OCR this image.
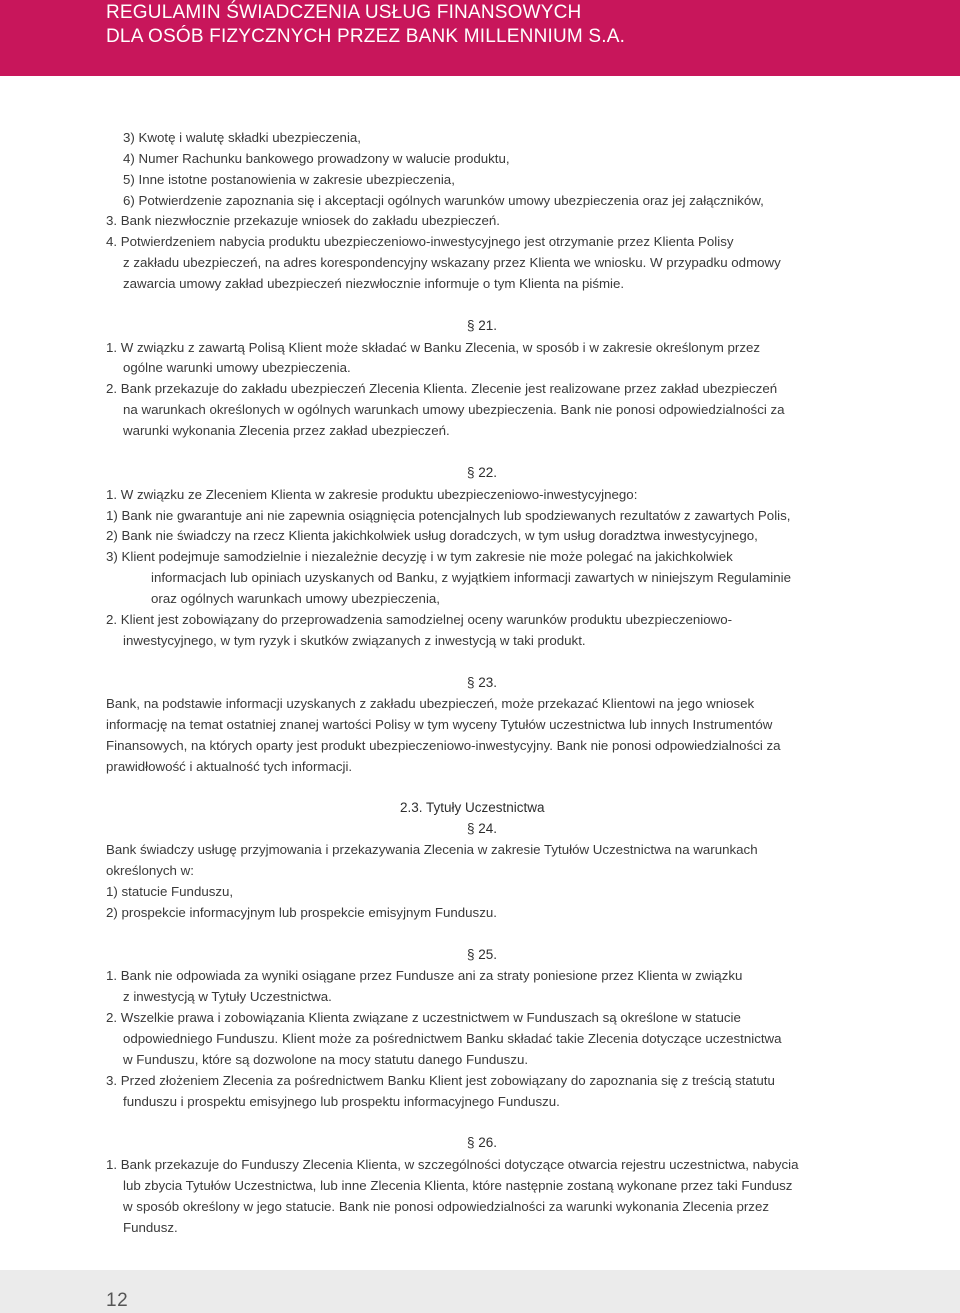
REGULAMIN ŚWIADCZENIA USŁUG FINANSOWYCH
DLA OSÓB FIZYCZNYCH PRZEZ BANK MILLENNIUM S.A.
3) Kwotę i walutę składki ubezpieczenia,
4) Numer Rachunku bankowego prowadzony w walucie produktu,
5) Inne istotne postanowienia w zakresie ubezpieczenia,
6) Potwierdzenie zapoznania się i akceptacji ogólnych warunków umowy ubezpieczenia oraz jej załączników,
3. Bank niezwłocznie przekazuje wniosek do zakładu ubezpieczeń.
4. Potwierdzeniem nabycia produktu ubezpieczeniowo-inwestycyjnego jest otrzymanie przez Klienta Polisy
z zakładu ubezpieczeń, na adres korespondencyjny wskazany przez Klienta we wniosku. W przypadku odmowy
zawarcia umowy zakład ubezpieczeń niezwłocznie informuje o tym Klienta na piśmie.
§ 21.
1. W związku z zawartą Polisą Klient może składać w Banku Zlecenia, w sposób i w zakresie określonym przez
ogólne warunki umowy ubezpieczenia.
2. Bank przekazuje do zakładu ubezpieczeń Zlecenia Klienta. Zlecenie jest realizowane przez zakład ubezpieczeń
na warunkach określonych w ogólnych warunkach umowy ubezpieczenia. Bank nie ponosi odpowiedzialności za
warunki wykonania Zlecenia przez zakład ubezpieczeń.
§ 22.
1. W związku ze Zleceniem Klienta w zakresie produktu ubezpieczeniowo-inwestycyjnego:
1) Bank nie gwarantuje ani nie zapewnia osiągnięcia potencjalnych lub spodziewanych rezultatów z zawartych Polis,
2) Bank nie świadczy na rzecz Klienta jakichkolwiek usług doradczych, w tym usług doradztwa inwestycyjnego,
3) Klient podejmuje samodzielnie i niezależnie decyzję i w tym zakresie nie może polegać na jakichkolwiek
informacjach lub opiniach uzyskanych od Banku, z wyjątkiem informacji zawartych w niniejszym Regulaminie
oraz ogólnych warunkach umowy ubezpieczenia,
2. Klient jest zobowiązany do przeprowadzenia samodzielnej oceny warunków produktu ubezpieczeniowo-
inwestycyjnego, w tym ryzyk i skutków związanych z inwestycją w taki produkt.
§ 23.
Bank, na podstawie informacji uzyskanych z zakładu ubezpieczeń, może przekazać Klientowi na jego wniosek
informację na temat ostatniej znanej wartości Polisy w tym wyceny Tytułów uczestnictwa lub innych Instrumentów
Finansowych, na których oparty jest produkt ubezpieczeniowo-inwestycyjny. Bank nie ponosi odpowiedzialności za
prawidłowość i aktualność tych informacji.
2.3. Tytuły Uczestnictwa
§ 24.
Bank świadczy usługę przyjmowania i przekazywania Zlecenia w zakresie Tytułów Uczestnictwa na warunkach
określonych w:
1) statucie Funduszu,
2) prospekcie informacyjnym lub prospekcie emisyjnym Funduszu.
§ 25.
1. Bank nie odpowiada za wyniki osiągane przez Fundusze ani za straty poniesione przez Klienta w związku
z inwestycją w Tytuły Uczestnictwa.
2. Wszelkie prawa i zobowiązania Klienta związane z uczestnictwem w Funduszach są określone w statucie
odpowiedniego Funduszu. Klient może za pośrednictwem Banku składać takie Zlecenia dotyczące uczestnictwa
w Funduszu, które są dozwolone na mocy statutu danego Funduszu.
3. Przed złożeniem Zlecenia za pośrednictwem Banku Klient jest zobowiązany do zapoznania się z treścią statutu
funduszu i prospektu emisyjnego lub prospektu informacyjnego Funduszu.
§ 26.
1. Bank przekazuje do Funduszy Zlecenia Klienta, w szczególności dotyczące otwarcia rejestru uczestnictwa, nabycia
lub zbycia Tytułów Uczestnictwa, lub inne Zlecenia Klienta, które następnie zostaną wykonane przez taki Fundusz
w sposób określony w jego statucie. Bank nie ponosi odpowiedzialności za warunki wykonania Zlecenia przez
Fundusz.
12
